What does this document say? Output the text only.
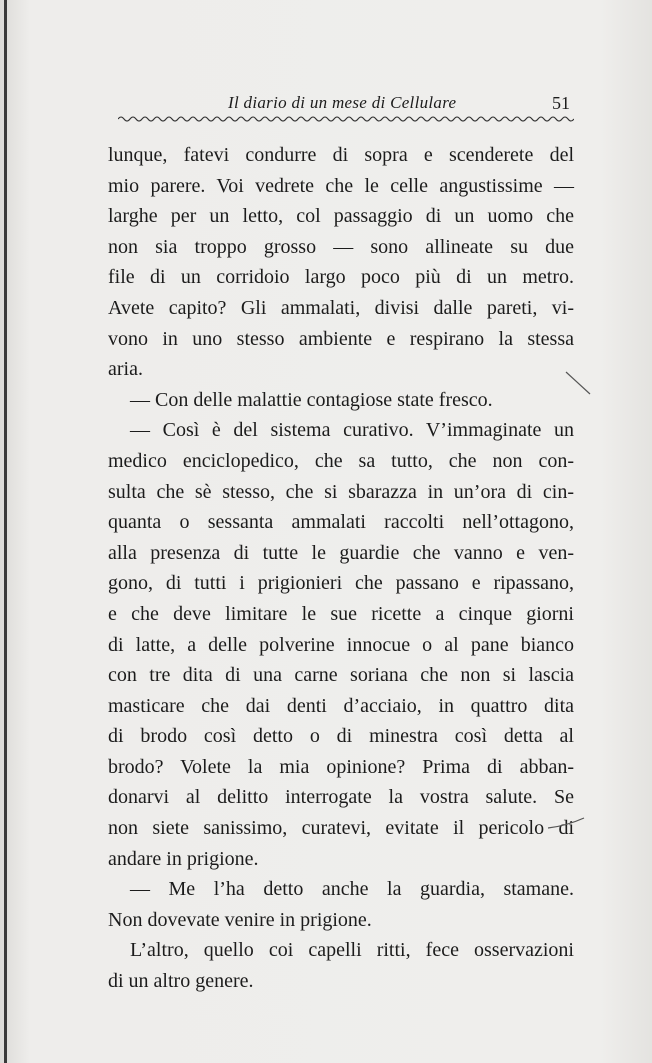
Il diario di un mese di Cellulare	51
lunque, fatevi condurre di sopra e scenderete del
mio parere. Voi vedrete che le celle angustissime —
larghe per un letto, col passaggio di un uomo che
non sia troppo grosso — sono allineate su due
file di un corridoio largo poco più di un metro.
Avete capito? Gli ammalati, divisi dalle pareti, vi-
vono in uno stesso ambiente e respirano la stessa
aria.
— Con delle malattie contagiose state fresco.
— Così è del sistema curativo. V’immaginate un
medico enciclopedico, che sa tutto, che non con-
sulta che sè stesso, che si sbarazza in un’ora di cin-
quanta o sessanta ammalati raccolti nell’ottagono,
alla presenza di tutte le guardie che vanno e ven-
gono, di tutti i prigionieri che passano e ripassano,
e che deve limitare le sue ricette a cinque giorni
di latte, a delle polverine innocue o al pane bianco
con tre dita di una carne soriana che non si lascia
masticare che dai denti d’acciaio, in quattro dita
di brodo così detto o di minestra così detta al
brodo? Volete la mia opinione? Prima di abban-
donarvi al delitto interrogate la vostra salute. Se
non siete sanissimo, curatevi, evitate il pericolo di
andare in prigione.
— Me l’ha detto anche la guardia, stamane.
Non dovevate venire in prigione.
L’altro, quello coi capelli ritti, fece osservazioni
di un altro genere.
